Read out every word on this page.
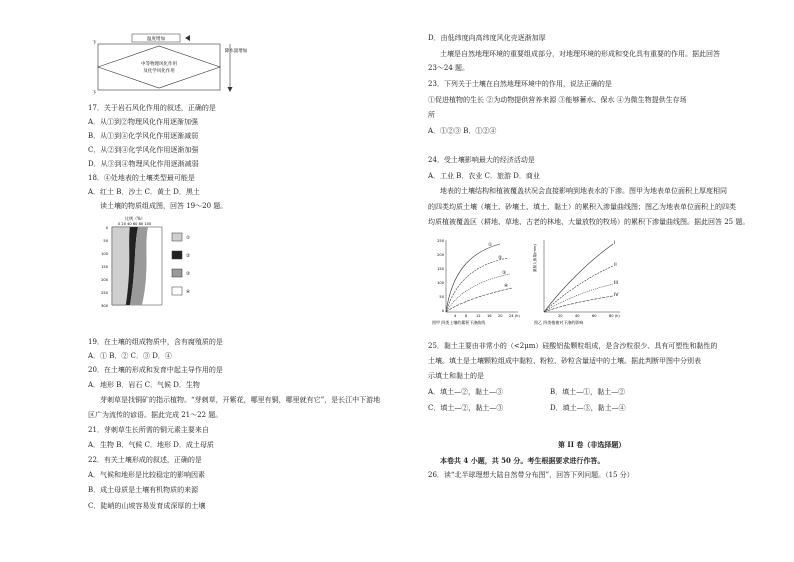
温度增加
中等物理风化作用
及化学风化作用
下
下
降水量增加
17．关于岩石风化作用的叙述，正确的是
A．从①到②物理风化作用逐渐加强
B．从①到④化学风化作用逐渐减弱
C．从②到④化学风化作用逐渐加强
D．从③到④物理风化作用逐渐减弱
18．④处地表的土壤类型最可能是
A．红土 B．沙土 C．黄土 D．黑土
读土壤的物质组成图，回答 19～20 题。
比例（%）
0 20 40 60 80 100
0
50
100
150
200
250
300
①
②
③
④
19．在土壤的组成物质中，含有腐殖质的是
A．① B．② C．③ D．④
20．在土壤的形成和发育中起主导作用的是
A．地形 B．岩石 C．气候 D．生物
芽刺草是找铜矿的指示植物。“芽刺草，开紫花，哪里有铜，哪里就有它”，是长江中下游地
区广为流传的谚语。据此完成 21～22 题。
21．芽刺草生长所需的铜元素主要来自
A．生物 B．气候 C．地形 D．成土母质
22．有关土壤形成的叙述，正确的是
A．气候和地形是比较稳定的影响因素
B．成土母质是土壤有机物质的来源
C．陡峭的山坡容易发育成深厚的土壤
D．由低纬度向高纬度风化壳逐渐加厚
土壤是自然地理环境的重要组成部分，对地理环境的形成和变化具有重要的作用。据此回答
23～24 题。
23．下列关于土壤在自然地理环境中的作用，说法正确的是
①促进植物的生长 ②为动物提供营养来源 ③能够蓄水、保水 ④为微生物提供生存场
所
A．①②③ B．①②④
24．受土壤影响最大的经济活动是
A．工业 B．农业 C．旅游 D．商业
地表的土壤结构和植被覆盖状况会直接影响到地表水的下渗。图甲为地表单位面积上厚度相同
的四类均质土壤（壤土、砂壤土、填土、黏土）的累积入渗量曲线图；图乙为地表单位面积上的四类
均质植被覆盖区（耕地、草地、古老的林地、大量放牧的牧场）的累积下渗量曲线图。据此回答 25 题。
250
200
150
100
50
0
4 8 12 16 20 24 (h)
①
②
③
④
图甲 四类土壤的累积下渗曲线
累积入渗量(mm)
20	40	60	80 (h)
I
II
III
IV
图乙 四类植被对下渗的影响
25．黏土主要由非常小的（<2μm）硅酸铝盐颗粒组成，是含沙粒很少、具有可塑性和黏性的
土壤。填土是土壤颗粒组成中黏粒、粉粒、砂粒含量适中的土壤。据此判断甲图中分别表
示填土和黏土的是
A．填土—②，黏土—③	B．填土—①，黏土—②
C．填土—②，黏土—③	D．填土—③，黏土—④
第 II 卷（非选择题）
本卷共 4 小题，共 50 分。考生根据要求进行作答。
26．读“北半球理想大陆自然带分布图”，回答下列问题。（15 分）
